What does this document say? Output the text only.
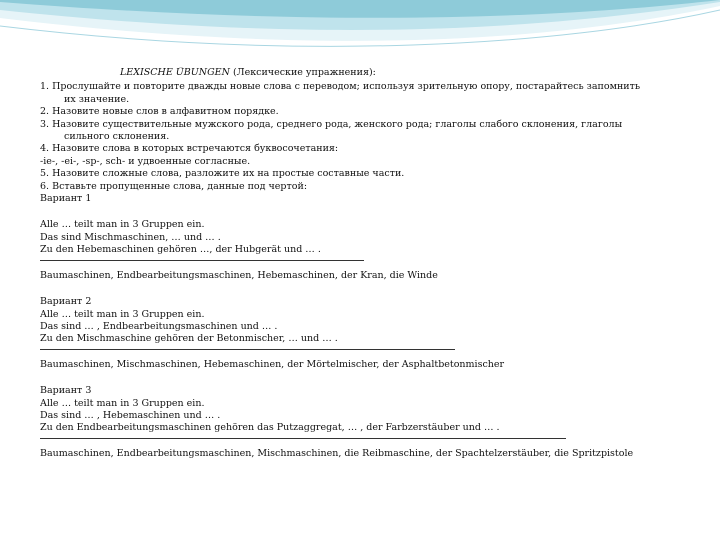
LEXISCHE ÜBUNGEN (Лексические упражнения):
1. Прослушайте и повторите дважды новые слова с переводом; используя зрительную опору, постарайтесь запомнить
их значение.
2. Назовите новые слов в алфавитном порядке.
3. Назовите существительные мужского рода, среднего рода, женского рода; глаголы слабого склонения, глаголы
сильного склонения.
4. Назовите слова в которых встречаются буквосочетания:
-ie-, -ei-, -sp-, sch- и удвоенные согласные.
5. Назовите сложные слова, разложите их на простые составные части.
6. Вставьте пропущенные слова, данные под чертой:
Вариант 1
Alle … teilt man in 3 Gruppen ein.
Das sind Mischmaschinen, … und … .
Zu den Hebemaschinen gehören …, der Hubgerät und … .
Baumaschinen, Endbearbeitungsmaschinen, Hebemaschinen, der Kran, die Winde
Вариант 2
Alle … teilt man in 3 Gruppen ein.
Das sind … , Endbearbeitungsmaschinen und … .
Zu den Mischmaschine gehören der Betonmischer, … und … .
Baumaschinen, Mischmaschinen, Hebemaschinen, der Mörtelmischer, der Asphaltbetonmischer
Вариант 3
Alle … teilt man in 3 Gruppen ein.
Das sind … , Hebemaschinen und … .
Zu den Endbearbeitungsmaschinen gehören das Putzaggregat, … , der Farbzerstäuber und … .
Baumaschinen, Endbearbeitungsmaschinen, Mischmaschinen, die Reibmaschine, der Spachtelzerstäuber, die Spritzpistole
